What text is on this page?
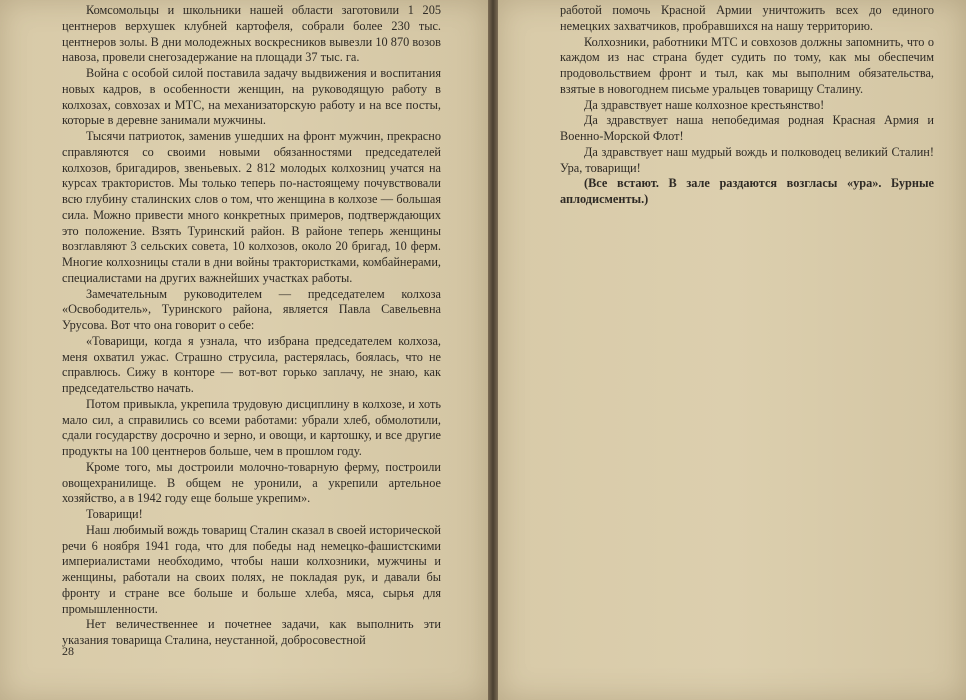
Комсомольцы и школьники нашей области заготовили 1 205 центнеров верхушек клубней картофеля, собрали более 230 тыс. центнеров золы. В дни молодежных воскресников вывезли 10 870 возов навоза, провели снегозадержание на площади 37 тыс. га.

Война с особой силой поставила задачу выдвижения и воспитания новых кадров, в особенности женщин, на руководящую работу в колхозах, совхозах и МТС, на механизаторскую работу и на все посты, которые в деревне занимали мужчины.

Тысячи патриоток, заменив ушедших на фронт мужчин, прекрасно справляются со своими новыми обязанностями председателей колхозов, бригадиров, звеньевых. 2 812 молодых колхозниц учатся на курсах трактористов. Мы только теперь по-настоящему почувствовали всю глубину сталинских слов о том, что женщина в колхозе — большая сила. Можно привести много конкретных примеров, подтверждающих это положение. Взять Туринский район. В районе теперь женщины возглавляют 3 сельских совета, 10 колхозов, около 20 бригад, 10 ферм. Многие колхозницы стали в дни войны трактористками, комбайнерами, специалистами на других важнейших участках работы.

Замечательным руководителем — председателем колхоза «Освободитель», Туринского района, является Павла Савельевна Урусова. Вот что она говорит о себе:

«Товарищи, когда я узнала, что избрана председателем колхоза, меня охватил ужас. Страшно струсила, растерялась, боялась, что не справлюсь. Сижу в конторе — вот-вот горько заплачу, не знаю, как председательство начать.

Потом привыкла, укрепила трудовую дисциплину в колхозе, и хоть мало сил, а справились со всеми работами: убрали хлеб, обмолотили, сдали государству досрочно и зерно, и овощи, и картошку, и все другие продукты на 100 центнеров больше, чем в прошлом году.

Кроме того, мы достроили молочно-товарную ферму, построили овощехранилище. В общем не уронили, а укрепили артельное хозяйство, а в 1942 году еще больше укрепим».

Товарищи!

Наш любимый вождь товарищ Сталин сказал в своей исторической речи 6 ноября 1941 года, что для победы над немецко-фашистскими империалистами необходимо, чтобы наши колхозники, мужчины и женщины, работали на своих полях, не покладая рук, и давали бы фронту и стране все больше и больше хлеба, мяса, сырья для промышленности.

Нет величественнее и почетнее задачи, как выполнить эти указания товарища Сталина, неустанной, добросовестной

28

работой помочь Красной Армии уничтожить всех до единого немецких захватчиков, пробравшихся на нашу территорию.

Колхозники, работники МТС и совхозов должны запомнить, что о каждом из нас страна будет судить по тому, как мы обеспечим продовольствием фронт и тыл, как мы выполним обязательства, взятые в новогоднем письме уральцев товарищу Сталину.

Да здравствует наше колхозное крестьянство!

Да здравствует наша непобедимая родная Красная Армия и Военно-Морской Флот!

Да здравствует наш мудрый вождь и полководец великий Сталин! Ура, товарищи!

(Все встают. В зале раздаются возгласы «ура». Бурные аплодисменты.)
